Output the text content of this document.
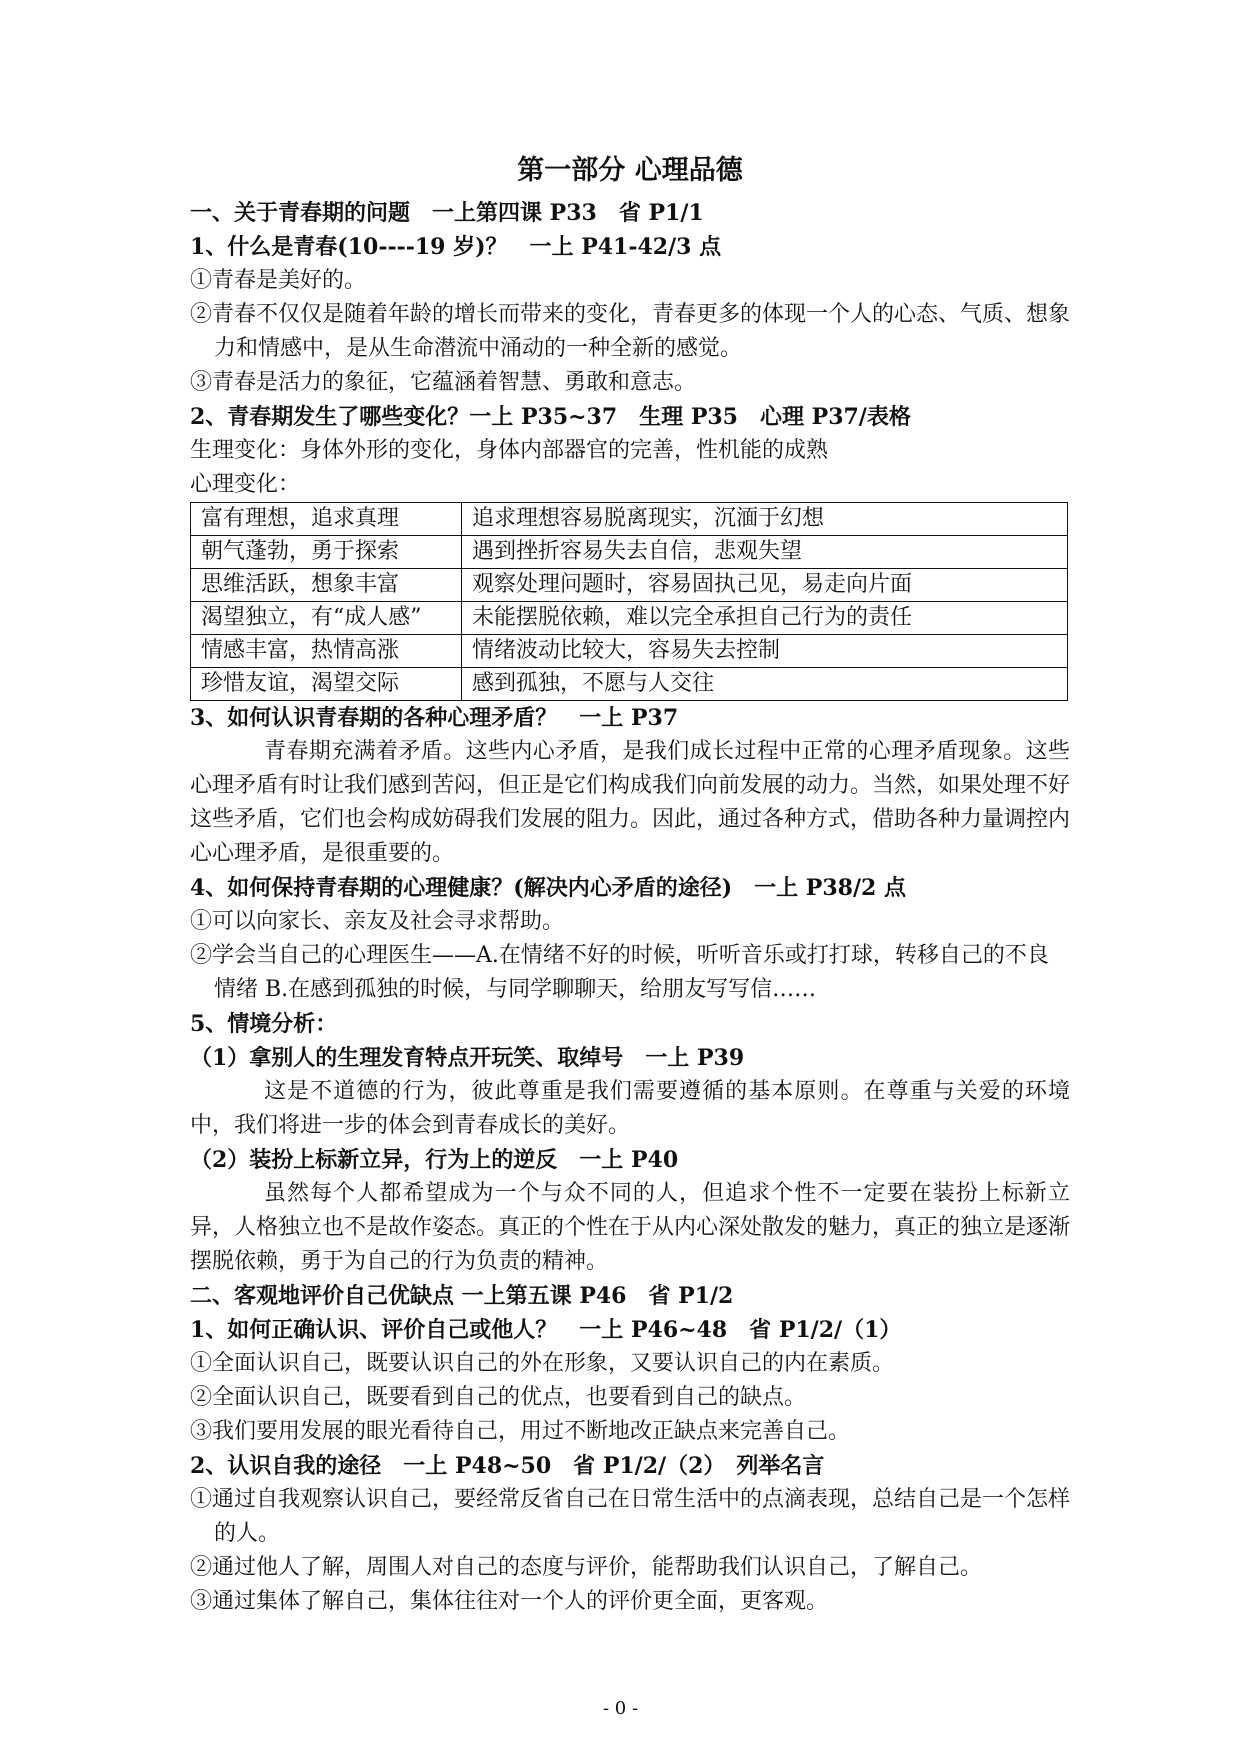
第一部分 心理品德
一、关于青春期的问题　一上第四课 P33　省 P1/1
1、什么是青春(10----19 岁)？　一上 P41-42/3 点
①青春是美好的。
②青春不仅仅是随着年龄的增长而带来的变化，青春更多的体现一个人的心态、气质、想象力和情感中，是从生命潜流中涌动的一种全新的感觉。
③青春是活力的象征，它蕴涵着智慧、勇敢和意志。
2、青春期发生了哪些变化？一上 P35~37　生理 P35　心理 P37/表格
生理变化：身体外形的变化，身体内部器官的完善，性机能的成熟
心理变化：
富有理想，追求真理	追求理想容易脱离现实，沉湎于幻想
朝气蓬勃，勇于探索	遇到挫折容易失去自信，悲观失望
思维活跃，想象丰富	观察处理问题时，容易固执己见，易走向片面
渴望独立，有“成人感”	未能摆脱依赖，难以完全承担自己行为的责任
情感丰富，热情高涨	情绪波动比较大，容易失去控制
珍惜友谊，渴望交际	感到孤独，不愿与人交往
3、如何认识青春期的各种心理矛盾？　一上 P37

青春期充满着矛盾。这些内心矛盾，是我们成长过程中正常的心理矛盾现象。这些心理矛盾有时让我们感到苦闷，但正是它们构成我们向前发展的动力。当然，如果处理不好这些矛盾，它们也会构成妨碍我们发展的阻力。因此，通过各种方式，借助各种力量调控内心心理矛盾，是很重要的。

4、如何保持青春期的心理健康？(解决内心矛盾的途径)　一上 P38/2 点
①可以向家长、亲友及社会寻求帮助。
②学会当自己的心理医生——A.在情绪不好的时候，听听音乐或打打球，转移自己的不良情绪 B.在感到孤独的时候，与同学聊聊天，给朋友写写信……
5、情境分析：
（1）拿别人的生理发育特点开玩笑、取绰号　一上 P39

这是不道德的行为，彼此尊重是我们需要遵循的基本原则。在尊重与关爱的环境中，我们将进一步的体会到青春成长的美好。

（2）装扮上标新立异，行为上的逆反　一上 P40

虽然每个人都希望成为一个与众不同的人，但追求个性不一定要在装扮上标新立异，人格独立也不是故作姿态。真正的个性在于从内心深处散发的魅力，真正的独立是逐渐摆脱依赖，勇于为自己的行为负责的精神。

二、客观地评价自己优缺点 一上第五课 P46　省 P1/2
1、如何正确认识、评价自己或他人？　一上 P46~48　省 P1/2/（1）
①全面认识自己，既要认识自己的外在形象，又要认识自己的内在素质。
②全面认识自己，既要看到自己的优点，也要看到自己的缺点。
③我们要用发展的眼光看待自己，用过不断地改正缺点来完善自己。
2、认识自我的途径　一上 P48~50　省 P1/2/（2）　列举名言
①通过自我观察认识自己，要经常反省自己在日常生活中的点滴表现，总结自己是一个怎样的人。
②通过他人了解，周围人对自己的态度与评价，能帮助我们认识自己，了解自己。
③通过集体了解自己，集体往往对一个人的评价更全面，更客观。
- 0 -
